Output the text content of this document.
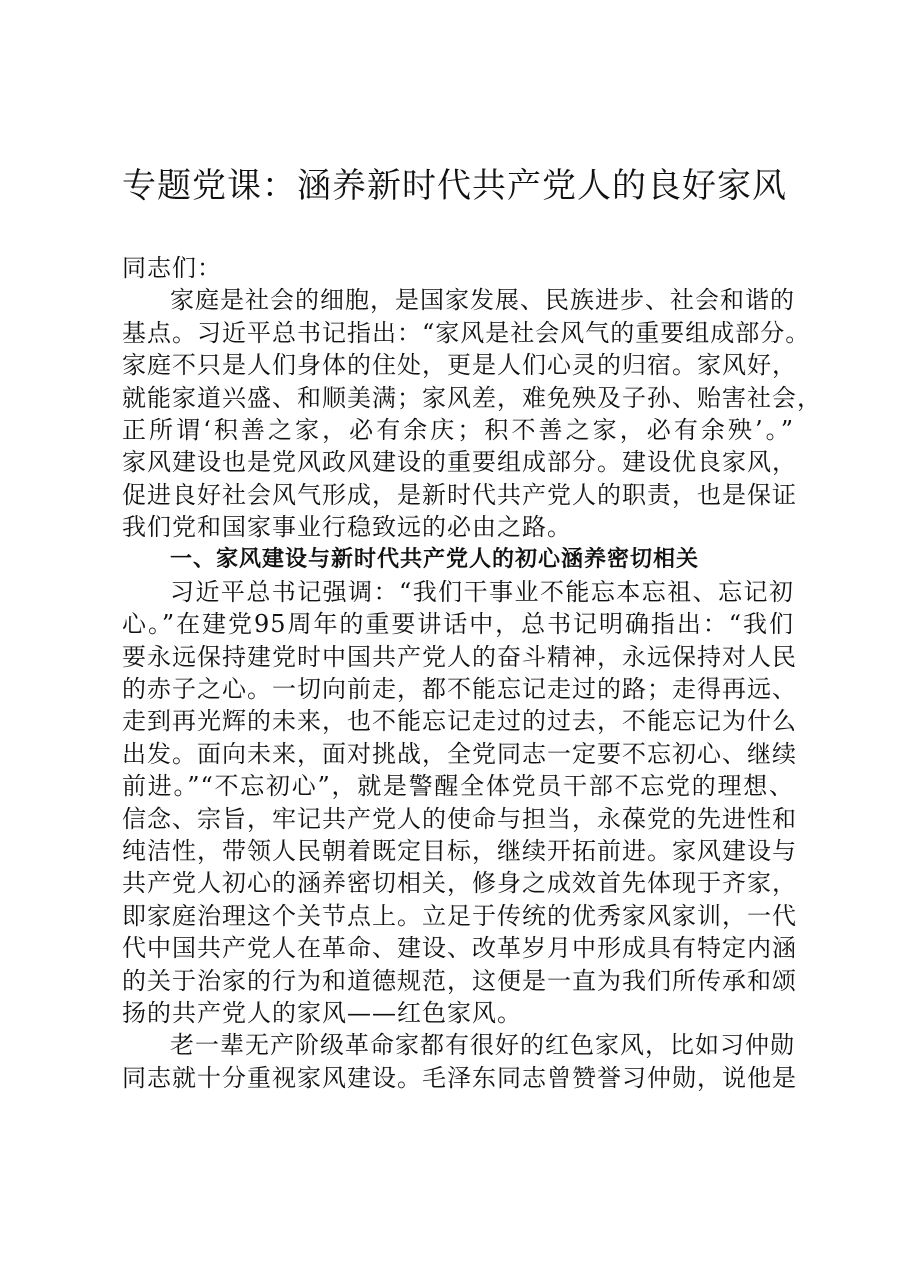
专题党课：涵养新时代共产党人的良好家风
同志们：
家庭是社会的细胞，是国家发展、民族进步、社会和谐的
基点。习近平总书记指出：“家风是社会风气的重要组成部分。
家庭不只是人们身体的住处，更是人们心灵的归宿。家风好，
就能家道兴盛、和顺美满；家风差，难免殃及子孙、贻害社会，
正所谓‘积善之家，必有余庆；积不善之家，必有余殃’。”
家风建设也是党风政风建设的重要组成部分。建设优良家风，
促进良好社会风气形成，是新时代共产党人的职责，也是保证
我们党和国家事业行稳致远的必由之路。
一、家风建设与新时代共产党人的初心涵养密切相关
习近平总书记强调：“我们干事业不能忘本忘祖、忘记初
心。”在建党95周年的重要讲话中，总书记明确指出：“我们
要永远保持建党时中国共产党人的奋斗精神，永远保持对人民
的赤子之心。一切向前走，都不能忘记走过的路；走得再远、
走到再光辉的未来，也不能忘记走过的过去，不能忘记为什么
出发。面向未来，面对挑战，全党同志一定要不忘初心、继续
前进。”“不忘初心”，就是警醒全体党员干部不忘党的理想、
信念、宗旨，牢记共产党人的使命与担当，永葆党的先进性和
纯洁性，带领人民朝着既定目标，继续开拓前进。家风建设与
共产党人初心的涵养密切相关，修身之成效首先体现于齐家，
即家庭治理这个关节点上。立足于传统的优秀家风家训，一代
代中国共产党人在革命、建设、改革岁月中形成具有特定内涵
的关于治家的行为和道德规范，这便是一直为我们所传承和颂
扬的共产党人的家风——红色家风。
老一辈无产阶级革命家都有很好的红色家风，比如习仲勋
同志就十分重视家风建设。毛泽东同志曾赞誉习仲勋，说他是
